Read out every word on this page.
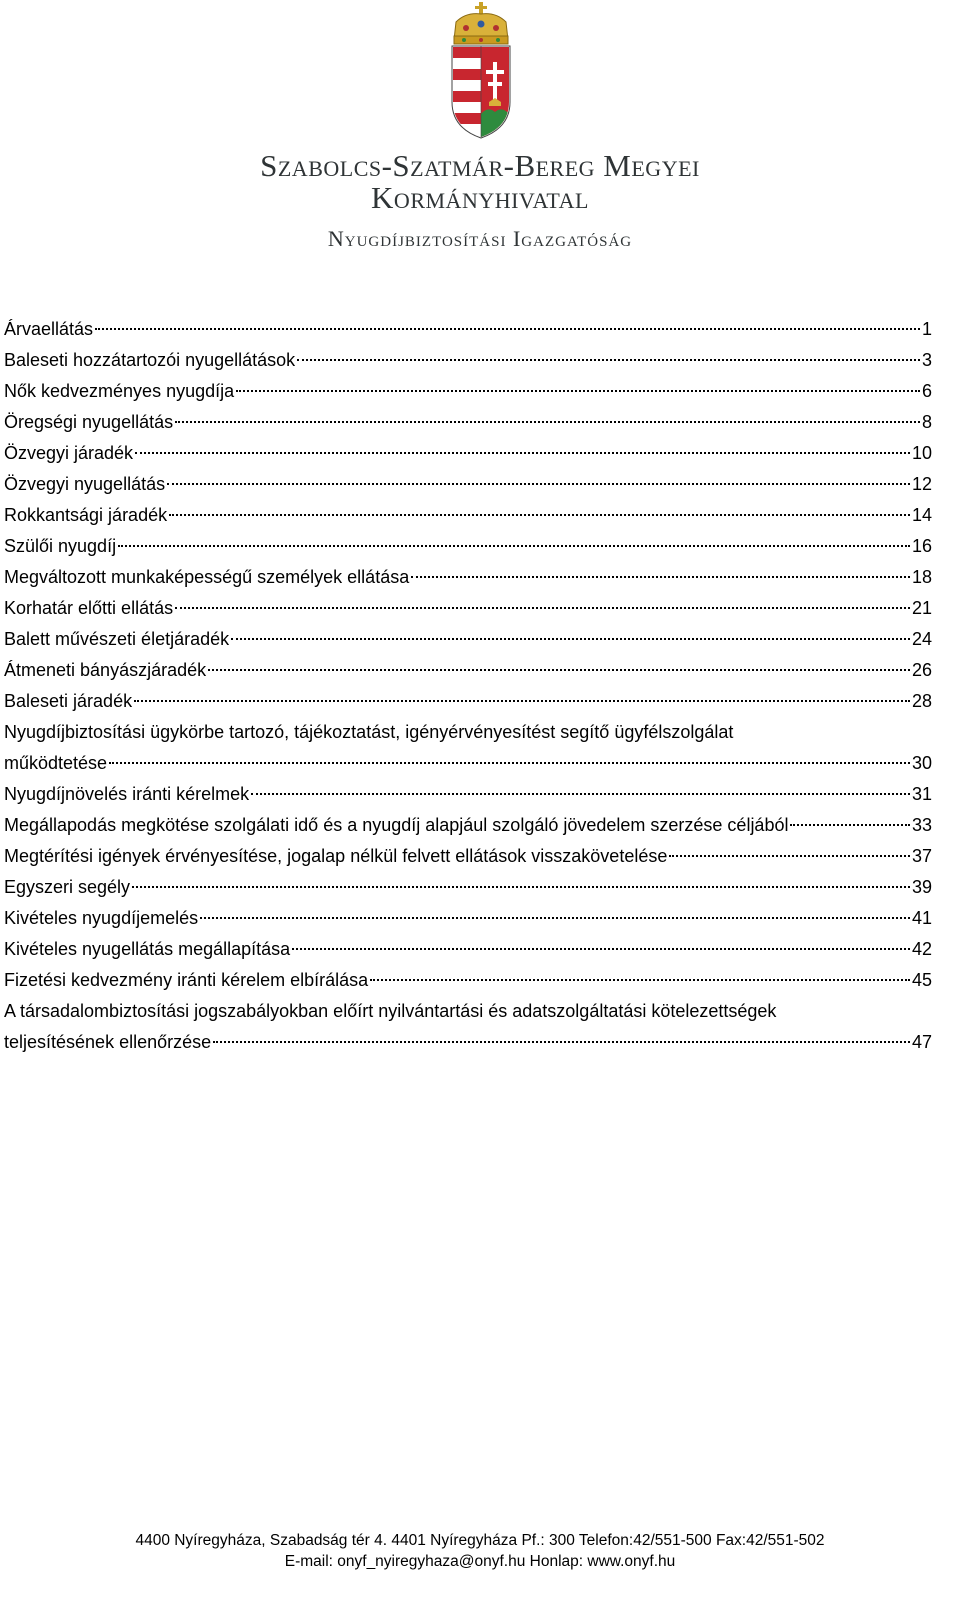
Szabolcs-Szatmár-Bereg Megyei
Kormányhivatal
Nyugdíjbiztosítási Igazgatóság
Árvaellátás	1
Baleseti hozzátartozói nyugellátások	3
Nők kedvezményes nyugdíja	6
Öregségi nyugellátás	8
Özvegyi járadék	10
Özvegyi nyugellátás	12
Rokkantsági járadék	14
Szülői nyugdíj	16
Megváltozott munkaképességű személyek ellátása	18
Korhatár előtti ellátás	21
Balett művészeti életjáradék	24
Átmeneti bányászjáradék	26
Baleseti járadék	28
Nyugdíjbiztosítási ügykörbe tartozó, tájékoztatást, igényérvényesítést segítő ügyfélszolgálat
működtetése	30
Nyugdíjnövelés iránti kérelmek	31
Megállapodás megkötése szolgálati idő és a nyugdíj alapjául szolgáló jövedelem szerzése céljából	33
Megtérítési igények érvényesítése, jogalap nélkül felvett ellátások visszakövetelése	37
Egyszeri segély	39
Kivételes nyugdíjemelés	41
Kivételes nyugellátás megállapítása	42
Fizetési kedvezmény iránti kérelem elbírálása	45
A társadalombiztosítási jogszabályokban előírt nyilvántartási és adatszolgáltatási kötelezettségek
teljesítésének ellenőrzése	47
4400 Nyíregyháza, Szabadság tér 4. 4401 Nyíregyháza Pf.: 300 Telefon:42/551-500 Fax:42/551-502
E-mail: onyf_nyiregyhaza@onyf.hu Honlap: www.onyf.hu
